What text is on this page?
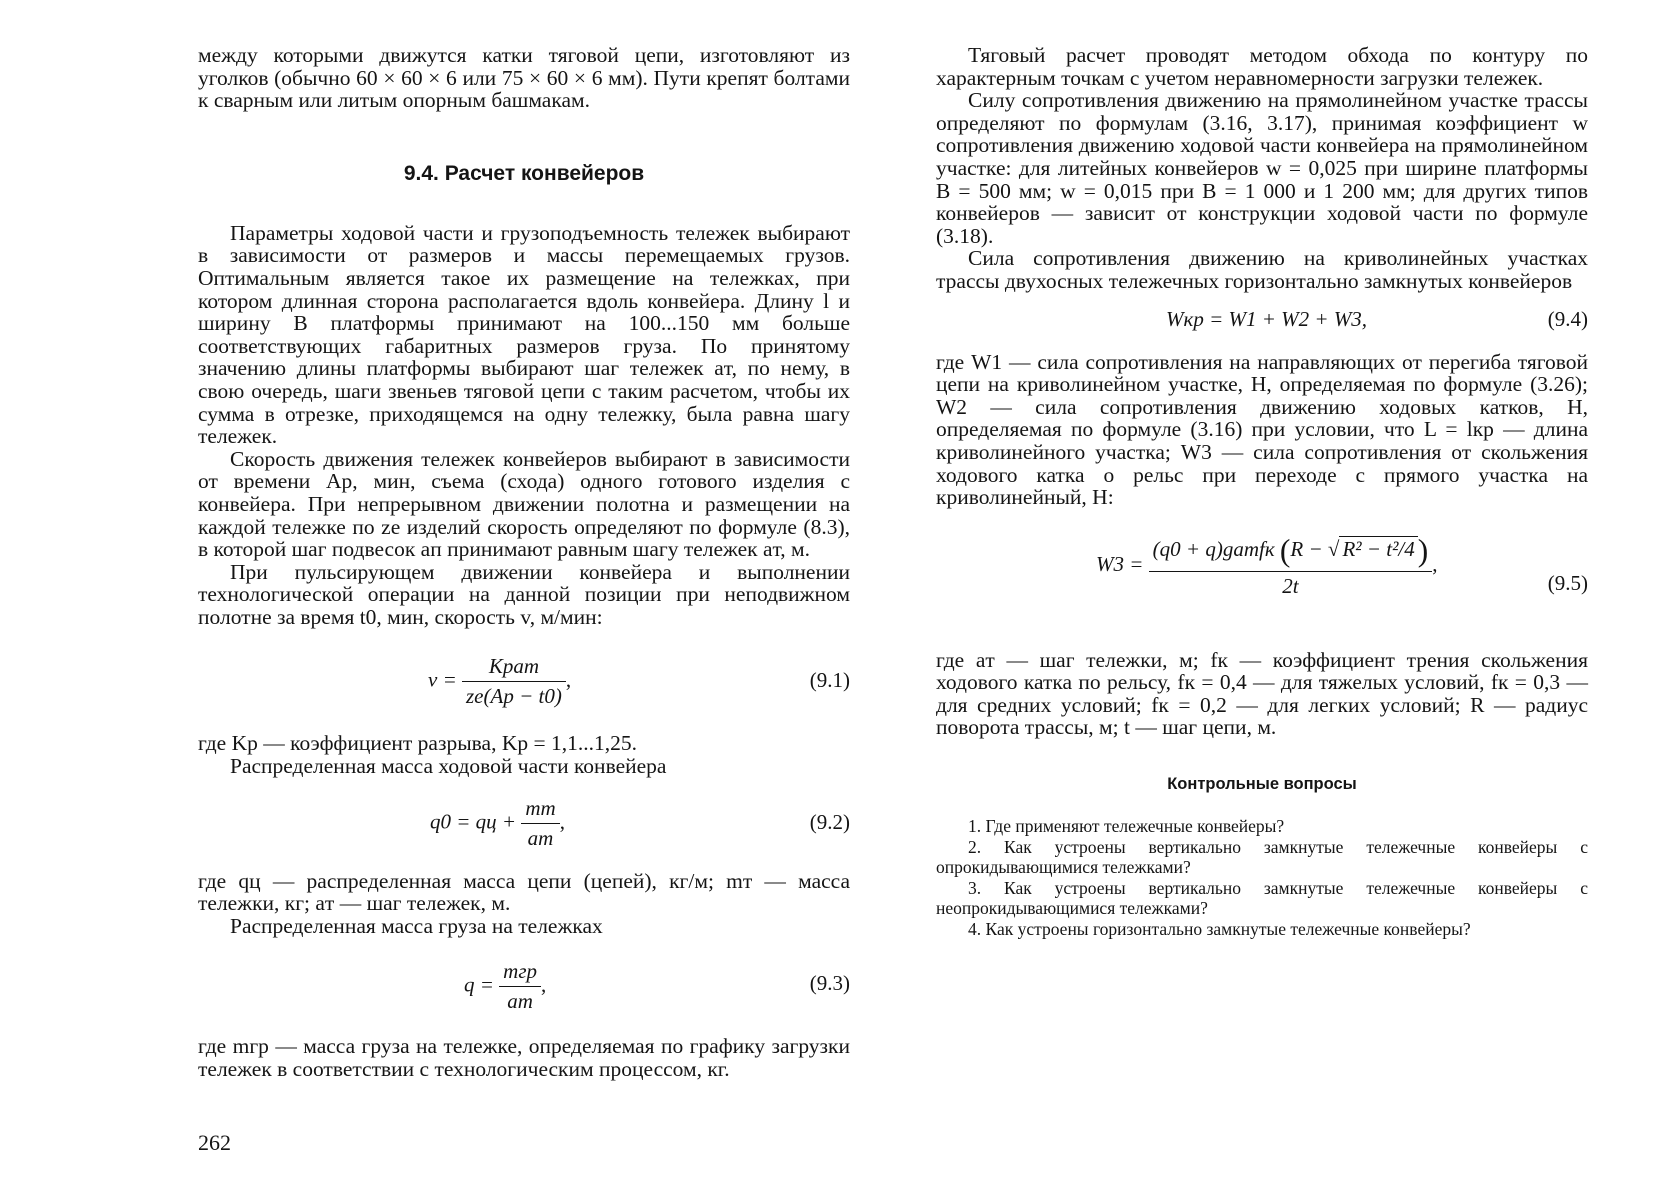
между которыми движутся катки тяговой цепи, изготовляют из уголков (обычно 60 × 60 × 6 или 75 × 60 × 6 мм). Пути крепят болтами к сварным или литым опорным башмакам.

9.4. Расчет конвейеров

Параметры ходовой части и грузоподъемность тележек выбирают в зависимости от размеров и массы перемещаемых грузов. Оптимальным является такое их размещение на тележках, при котором длинная сторона располагается вдоль конвейера. Длину l и ширину B платформы принимают на 100...150 мм больше соответствующих габаритных размеров груза. По принятому значению длины платформы выбирают шаг тележек aт, по нему, в свою очередь, шаги звеньев тяговой цепи с таким расчетом, чтобы их сумма в отрезке, приходящемся на одну тележку, была равна шагу тележек.

Скорость движения тележек конвейеров выбирают в зависимости от времени Aр, мин, съема (схода) одного готового изделия с конвейера. При непрерывном движении полотна и размещении на каждой тележке по ze изделий скорость определяют по формуле (8.3), в которой шаг подвесок aп принимают равным шагу тележек aт, м.

При пульсирующем движении конвейера и выполнении технологической операции на данной позиции при неподвижном полотне за время t0, мин, скорость v, м/мин:

$v = \frac{\text{Kрaт}}{ze(Aр - t0)}$ ,	(9.1)

где Kр — коэффициент разрыва, Kр = 1,1...1,25.

Распределенная масса ходовой части конвейера

q0 = qц + $\frac{mт}{aт}$ ,	(9.2)

где qц — распределенная масса цепи (цепей), кг/м; mт — масса тележки, кг; aт — шаг тележек, м.

Распределенная масса груза на тележках

$q = \frac{\text{mгр}}{aт}$ ,	(9.3)

где mгр — масса груза на тележке, определяемая по графику загрузки тележек в соответствии с технологическим процессом, кг.

Тяговый расчет проводят методом обхода по контуру по характерным точкам с учетом неравномерности загрузки тележек.

Силу сопротивления движению на прямолинейном участке трассы определяют по формулам (3.16, 3.17), принимая коэффициент w сопротивления движению ходовой части конвейера на прямолинейном участке: для литейных конвейеров w = 0,025 при ширине платформы B = 500 мм; w = 0,015 при B = 1 000 и 1 200 мм; для других типов конвейеров — зависит от конструкции ходовой части по формуле (3.18).

Сила сопротивления движению на криволинейных участках трассы двухосных тележечных горизонтально замкнутых конвейеров

Wкр = W1 + W2 + W3,	(9.4)

где W1 — сила сопротивления на направляющих от перегиба тяговой цепи на криволинейном участке, Н, определяемая по формуле (3.26); W2 — сила сопротивления движению ходовых катков, Н, определяемая по формуле (3.16) при условии, что L = lкр — длина криволинейного участка; W3 — сила сопротивления от скольжения ходового катка о рельс при переходе с прямого участка на криволинейный, Н:

$W3 = \frac{\text{(q0 + q)gaтfк (R − √ R² − t²/4)}}{2t}$ ,
(9.5)

где aт — шаг тележки, м; fк — коэффициент трения скольжения ходового катка по рельсу, fк = 0,4 — для тяжелых условий, fк = 0,3 — для средних условий; fк = 0,2 — для легких условий; R — радиус поворота трассы, м; t — шаг цепи, м.

Контрольные вопросы
1. Где применяют тележечные конвейеры?
2. Как устроены вертикально замкнутые тележечные конвейеры с опрокидывающимися тележками?
3. Как устроены вертикально замкнутые тележечные конвейеры с неопрокидывающимися тележками?
4. Как устроены горизонтально замкнутые тележечные конвейеры?
262
